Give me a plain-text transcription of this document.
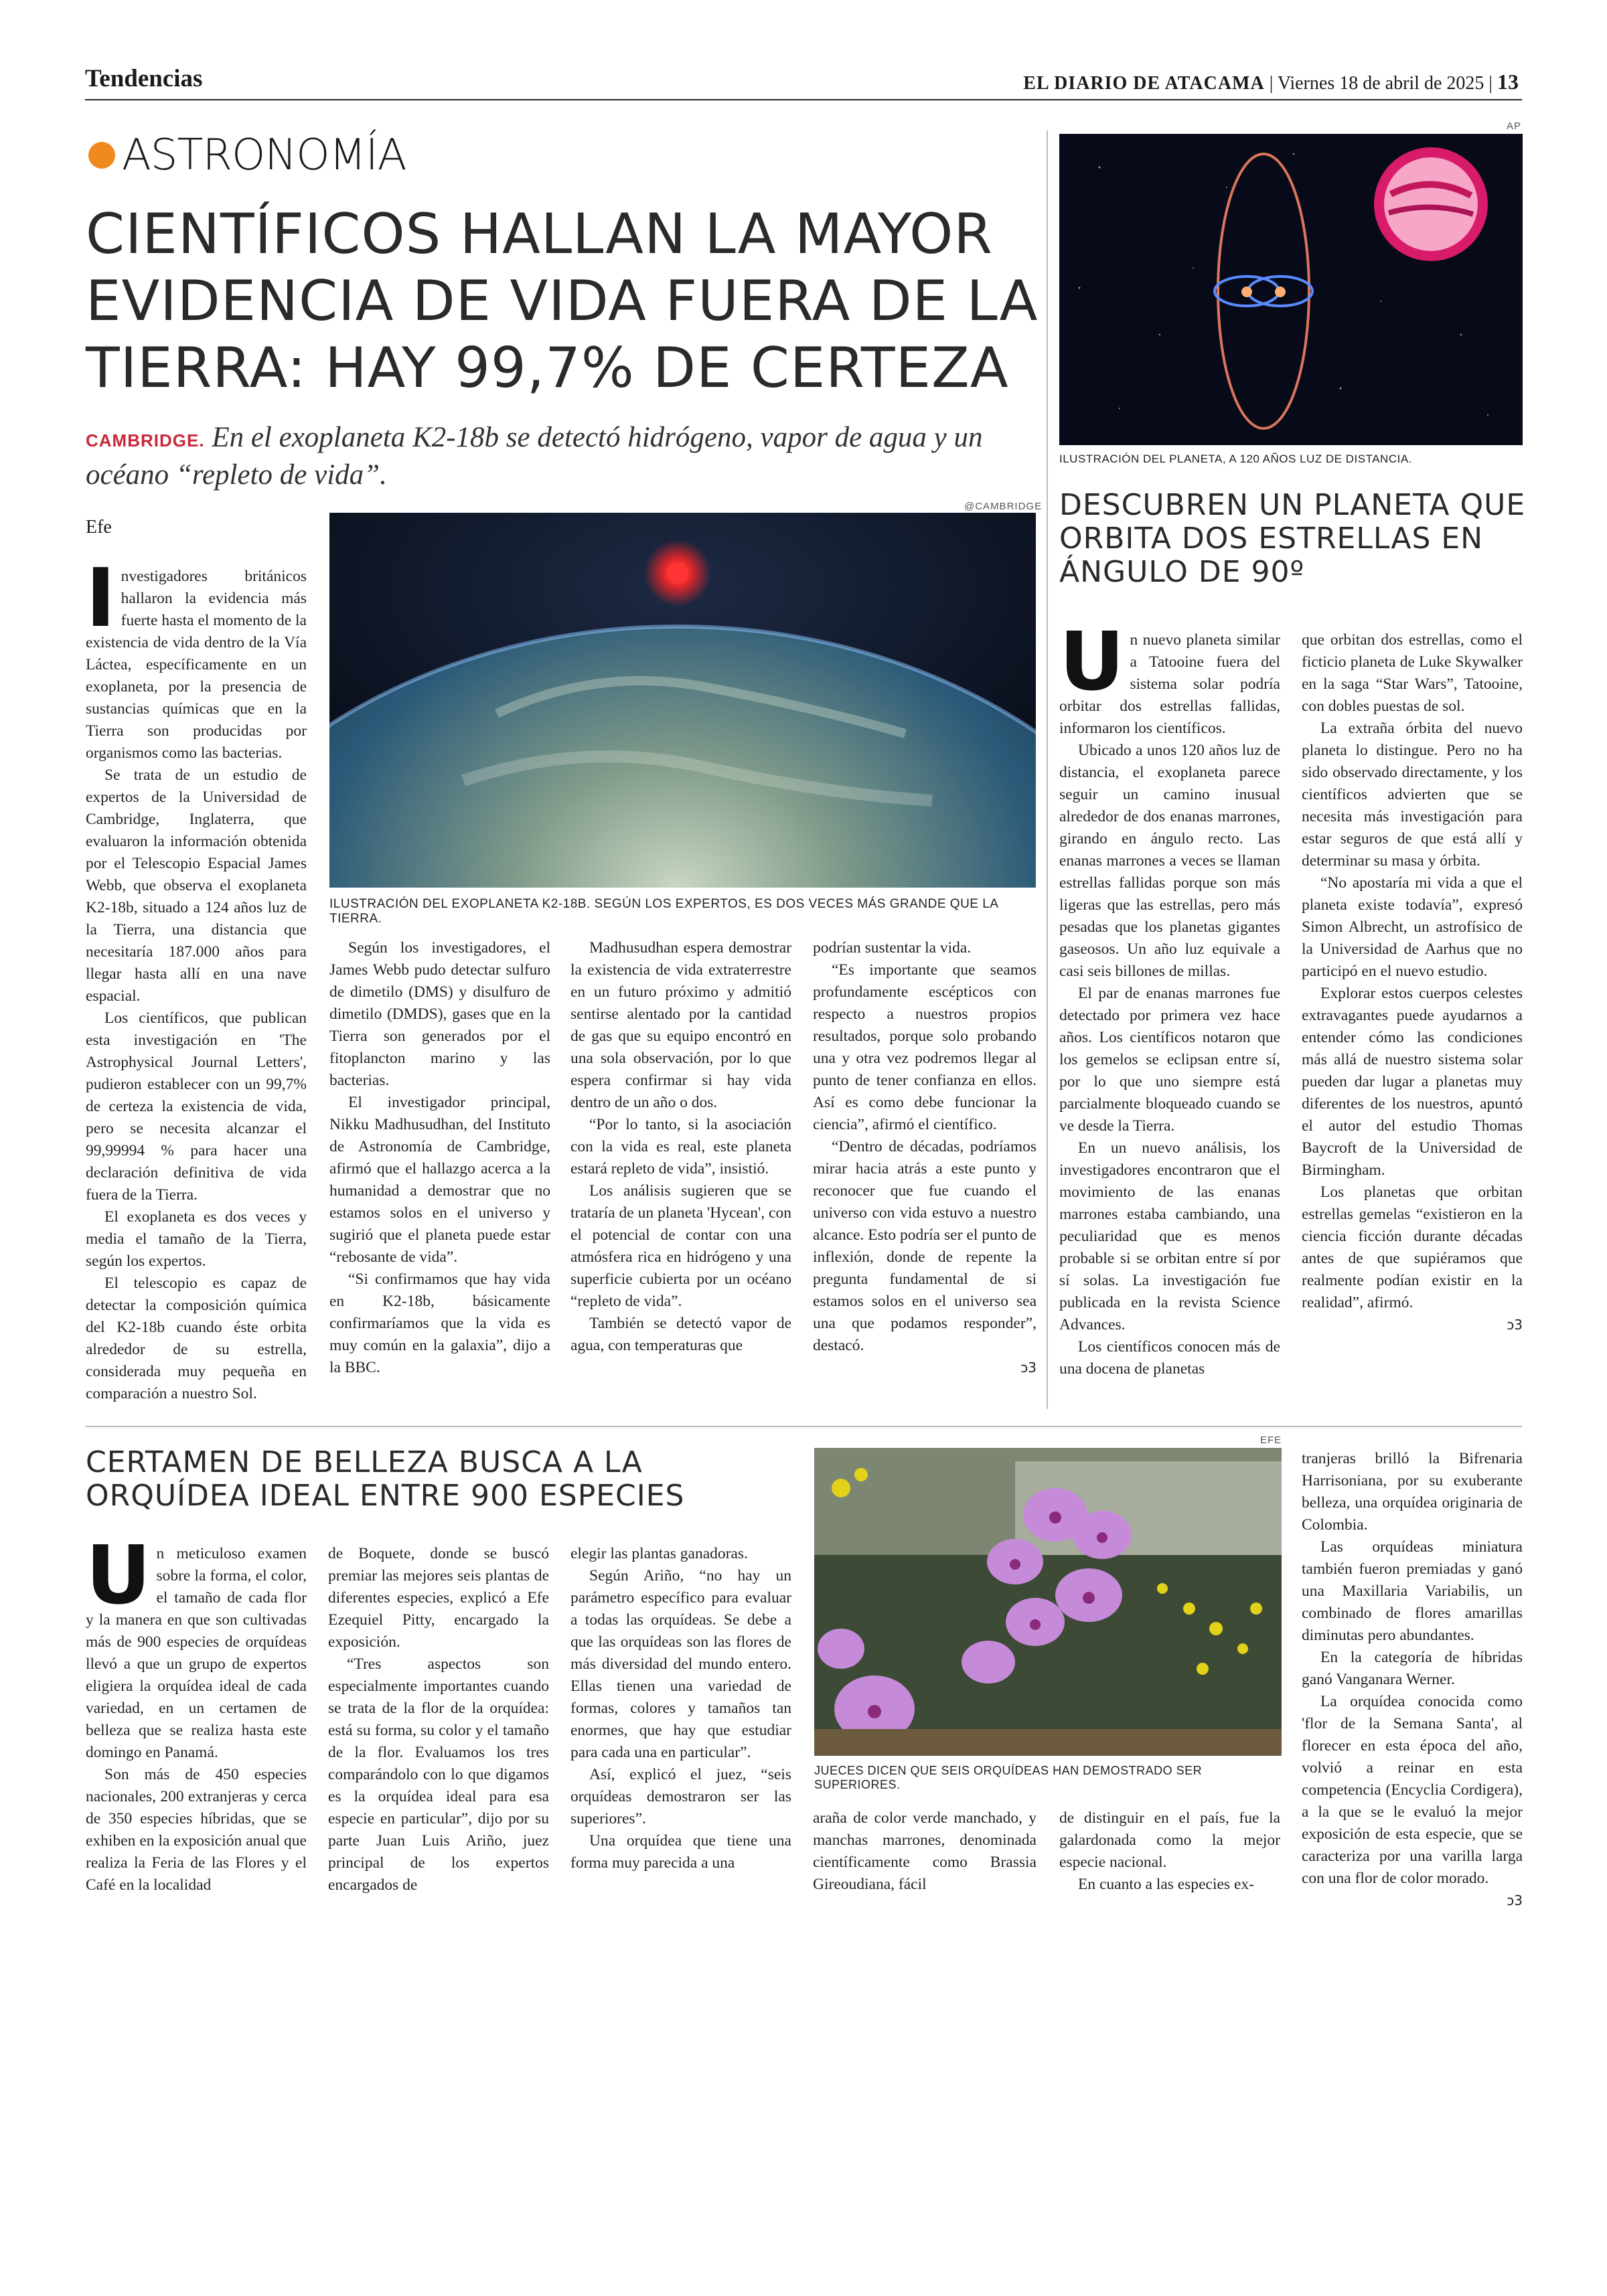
Tendencias	EL DIARIO DE ATACAMA | Viernes 18 de abril de 2025 | 13
ASTRONOMÍA
CIENTÍFICOS HALLAN LA MAYOR EVIDENCIA DE VIDA FUERA DE LA TIERRA: HAY 99,7% DE CERTEZA
CAMBRIDGE. En el exoplaneta K2-18b se detectó hidrógeno, vapor de agua y un océano “repleto de vida”.
Efe

Investigadores británicos hallaron la evidencia más fuerte hasta el momento de la existencia de vida dentro de la Vía Láctea, específicamente en un exoplaneta, por la presencia de sustancias químicas que en la Tierra son producidas por organismos como las bacterias.

Se trata de un estudio de expertos de la Universidad de Cambridge, Inglaterra, que evaluaron la información obtenida por el Telescopio Espacial James Webb, que observa el exoplaneta K2-18b, situado a 124 años luz de la Tierra, una distancia que necesitaría 187.000 años para llegar hasta allí en una nave espacial.

Los científicos, que publican esta investigación en 'The Astrophysical Journal Letters', pudieron establecer con un 99,7% de certeza la existencia de vida, pero se necesita alcanzar el 99,99994 % para hacer una declaración definitiva de vida fuera de la Tierra.

El exoplaneta es dos veces y media el tamaño de la Tierra, según los expertos.

El telescopio es capaz de detectar la composición química del K2-18b cuando éste orbita alrededor de su estrella, considerada muy pequeña en comparación a nuestro Sol.

@CAMBRIDGE
ILUSTRACIÓN DEL EXOPLANETA K2-18B. SEGÚN LOS EXPERTOS, ES DOS VECES MÁS GRANDE QUE LA TIERRA.

Según los investigadores, el James Webb pudo detectar sulfuro de dimetilo (DMS) y disulfuro de dimetilo (DMDS), gases que en la Tierra son generados por el fitoplancton marino y las bacterias.

El investigador principal, Nikku Madhusudhan, del Instituto de Astronomía de Cambridge, afirmó que el hallazgo acerca a la humanidad a demostrar que no estamos solos en el universo y sugirió que el planeta puede estar “rebosante de vida”.

“Si confirmamos que hay vida en K2-18b, básicamente confirmaríamos que la vida es muy común en la galaxia”, dijo a la BBC.

Madhusudhan espera demostrar la existencia de vida extraterrestre en un futuro próximo y admitió sentirse alentado por la cantidad de gas que su equipo encontró en una sola observación, por lo que espera confirmar si hay vida dentro de un año o dos.

“Por lo tanto, si la asociación con la vida es real, este planeta estará repleto de vida”, insistió.

Los análisis sugieren que se trataría de un planeta 'Hycean', con el potencial de contar con una atmósfera rica en hidrógeno y una superficie cubierta por un océano “repleto de vida”.

También se detectó vapor de agua, con temperaturas que

podrían sustentar la vida.

“Es importante que seamos profundamente escépticos con respecto a nuestros propios resultados, porque solo probando una y otra vez podremos llegar al punto de tener confianza en ellos. Así es como debe funcionar la ciencia”, afirmó el científico.

“Dentro de décadas, podríamos mirar hacia atrás a este punto y reconocer que fue cuando el universo con vida estuvo a nuestro alcance. Esto podría ser el punto de inflexión, donde de repente la pregunta fundamental de si estamos solos en el universo sea una que podamos responder”, destacó.

ↄ3
AP
ILUSTRACIÓN DEL PLANETA, A 120 AÑOS LUZ DE DISTANCIA.
DESCUBREN UN PLANETA QUE ORBITA DOS ESTRELLAS EN ÁNGULO DE 90º

Un nuevo planeta similar a Tatooine fuera del sistema solar podría orbitar dos estrellas fallidas, informaron los científicos.

Ubicado a unos 120 años luz de distancia, el exoplaneta parece seguir un camino inusual alrededor de dos enanas marrones, girando en ángulo recto. Las enanas marrones a veces se llaman estrellas fallidas porque son más ligeras que las estrellas, pero más pesadas que los planetas gigantes gaseosos. Un año luz equivale a casi seis billones de millas.

El par de enanas marrones fue detectado por primera vez hace años. Los científicos notaron que los gemelos se eclipsan entre sí, por lo que uno siempre está parcialmente bloqueado cuando se ve desde la Tierra.

En un nuevo análisis, los investigadores encontraron que el movimiento de las enanas marrones estaba cambiando, una peculiaridad que es menos probable si se orbitan entre sí por sí solas. La investigación fue publicada en la revista Science Advances.

Los científicos conocen más de una docena de planetas

que orbitan dos estrellas, como el ficticio planeta de Luke Skywalker en la saga “Star Wars”, Tatooine, con dobles puestas de sol.

La extraña órbita del nuevo planeta lo distingue. Pero no ha sido observado directamente, y los científicos advierten que se necesita más investigación para estar seguros de que está allí y determinar su masa y órbita.

“No apostaría mi vida a que el planeta existe todavía”, expresó Simon Albrecht, un astrofísico de la Universidad de Aarhus que no participó en el nuevo estudio.

Explorar estos cuerpos celestes extravagantes puede ayudarnos a entender cómo las condiciones más allá de nuestro sistema solar pueden dar lugar a planetas muy diferentes de los nuestros, apuntó el autor del estudio Thomas Baycroft de la Universidad de Birmingham.

Los planetas que orbitan estrellas gemelas “existieron en la ciencia ficción durante décadas antes de que supiéramos que realmente podían existir en la realidad”, afirmó.

ↄ3
CERTAMEN DE BELLEZA BUSCA A LA ORQUÍDEA IDEAL ENTRE 900 ESPECIES

Un meticuloso examen sobre la forma, el color, el tamaño de cada flor y la manera en que son cultivadas más de 900 especies de orquídeas llevó a que un grupo de expertos eligiera la orquídea ideal de cada variedad, en un certamen de belleza que se realiza hasta este domingo en Panamá.

Son más de 450 especies nacionales, 200 extranjeras y cerca de 350 especies híbridas, que se exhiben en la exposición anual que realiza la Feria de las Flores y el Café en la localidad

de Boquete, donde se buscó premiar las mejores seis plantas de diferentes especies, explicó a Efe Ezequiel Pitty, encargado la exposición.

“Tres aspectos son especialmente importantes cuando se trata de la flor de la orquídea: está su forma, su color y el tamaño de la flor. Evaluamos los tres comparándolo con lo que digamos es la orquídea ideal para esa especie en particular”, dijo por su parte Juan Luis Ariño, juez principal de los expertos encargados de

elegir las plantas ganadoras.

Según Ariño, “no hay un parámetro específico para evaluar a todas las orquídeas. Se debe a que las orquídeas son las flores de más diversidad del mundo entero. Ellas tienen una variedad de formas, colores y tamaños tan enormes, que hay que estudiar para cada una en particular”.

Así, explicó el juez, “seis orquídeas demostraron ser las superiores”.

Una orquídea que tiene una forma muy parecida a una

EFE
JUECES DICEN QUE SEIS ORQUÍDEAS HAN DEMOSTRADO SER SUPERIORES.

araña de color verde manchado, y manchas marrones, denominada científicamente como Brassia Gireoudiana, fácil

de distinguir en el país, fue la galardonada como la mejor especie nacional.

En cuanto a las especies ex-

tranjeras brilló la Bifrenaria Harrisoniana, por su exuberante belleza, una orquídea originaria de Colombia.

Las orquídeas miniatura también fueron premiadas y ganó una Maxillaria Variabilis, un combinado de flores amarillas diminutas pero abundantes.

En la categoría de híbridas ganó Vanganara Werner.

La orquídea conocida como 'flor de la Semana Santa', al florecer en esta época del año, volvió a reinar en esta competencia (Encyclia Cordigera), a la que se le evaluó la mejor exposición de esta especie, que se caracteriza por una varilla larga con una flor de color morado.

ↄ3
